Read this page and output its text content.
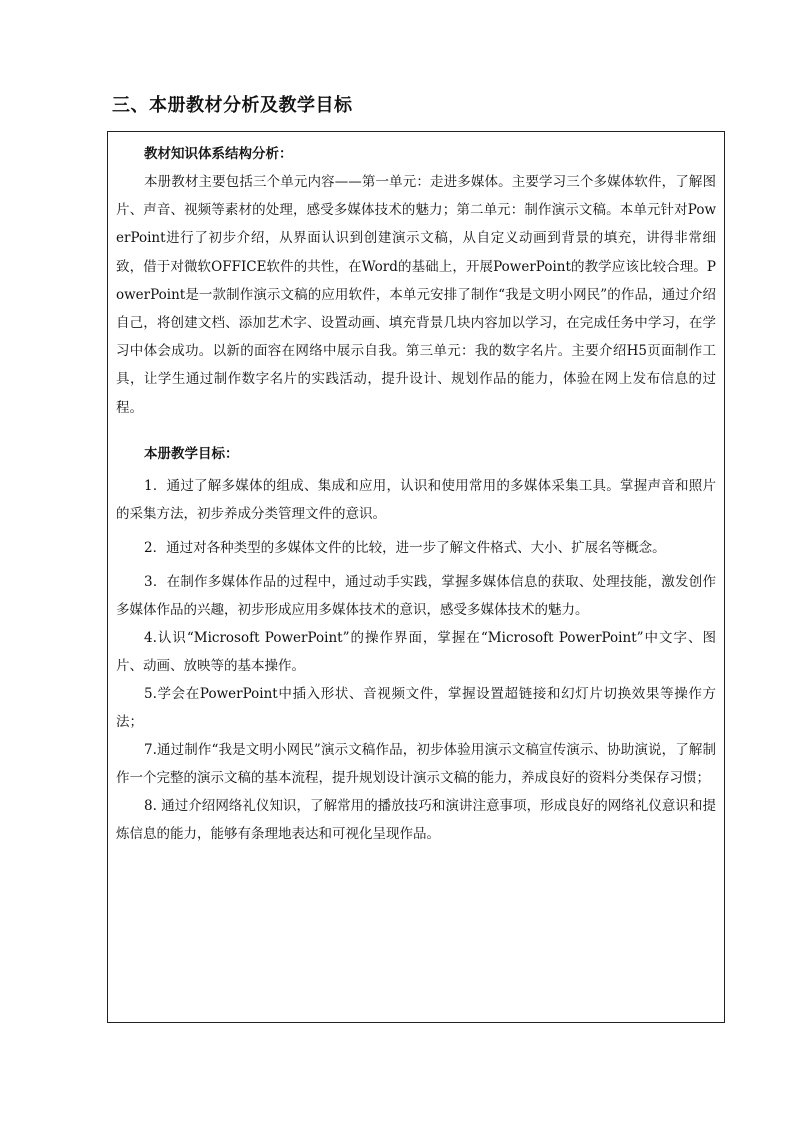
三、本册教材分析及教学目标
教材知识体系结构分析：

本册教材主要包括三个单元内容——第一单元：走进多媒体。主要学习三个多媒体软件，了解图片、声音、视频等素材的处理，感受多媒体技术的魅力；第二单元：制作演示文稿。本单元针对PowerPoint进行了初步介绍，从界面认识到创建演示文稿，从自定义动画到背景的填充，讲得非常细致，借于对微软OFFICE软件的共性，在Word的基础上，开展PowerPoint的教学应该比较合理。PowerPoint是一款制作演示文稿的应用软件，本单元安排了制作“我是文明小网民”的作品，通过介绍自己，将创建文档、添加艺术字、设置动画、填充背景几块内容加以学习，在完成任务中学习，在学习中体会成功。以新的面容在网络中展示自我。第三单元：我的数字名片。主要介绍H5页面制作工具，让学生通过制作数字名片的实践活动，提升设计、规划作品的能力，体验在网上发布信息的过程。

本册教学目标：

1．通过了解多媒体的组成、集成和应用，认识和使用常用的多媒体采集工具。掌握声音和照片的采集方法，初步养成分类管理文件的意识。

2．通过对各种类型的多媒体文件的比较，进一步了解文件格式、大小、扩展名等概念。

3．在制作多媒体作品的过程中，通过动手实践，掌握多媒体信息的获取、处理技能，激发创作多媒体作品的兴趣，初步形成应用多媒体技术的意识，感受多媒体技术的魅力。

4.认识“Microsoft PowerPoint”的操作界面，掌握在“Microsoft PowerPoint”中文字、图片、动画、放映等的基本操作。

5.学会在PowerPoint中插入形状、音视频文件，掌握设置超链接和幻灯片切换效果等操作方法；

7.通过制作“我是文明小网民”演示文稿作品，初步体验用演示文稿宣传演示、协助演说，了解制作一个完整的演示文稿的基本流程，提升规划设计演示文稿的能力，养成良好的资料分类保存习惯；

8. 通过介绍网络礼仪知识，了解常用的播放技巧和演讲注意事项，形成良好的网络礼仪意识和提炼信息的能力，能够有条理地表达和可视化呈现作品。
